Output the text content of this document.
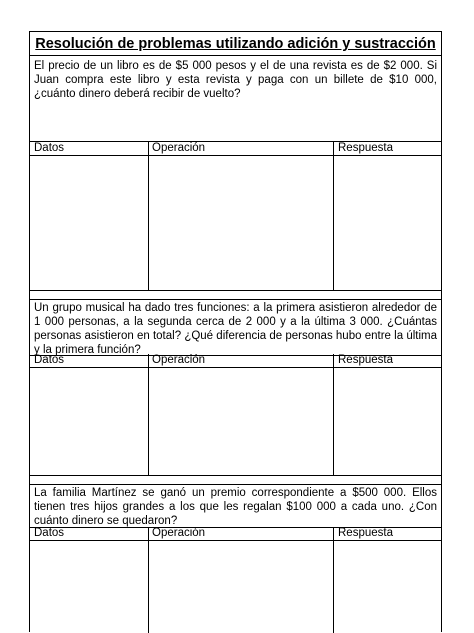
Resolución de problemas utilizando adición y sustracción
El precio de un libro es de $5 000 pesos y el de una revista es de $2 000. Si Juan compra este libro y esta revista y paga con un billete de $10 000, ¿cuánto dinero deberá recibir de vuelto?
Datos	Operación	Respuesta
Un grupo musical ha dado tres funciones: a la primera asistieron alrededor de 1 000 personas, a la segunda cerca de 2 000 y a la última 3 000. ¿Cuántas personas asistieron en total? ¿Qué diferencia de personas hubo entre la última y la primera función?
Datos	Operación	Respuesta
La familia Martínez se ganó un premio correspondiente a $500 000. Ellos tienen tres hijos grandes a los que les regalan $100 000 a cada uno. ¿Con cuánto dinero se quedaron?
Datos	Operación	Respuesta
